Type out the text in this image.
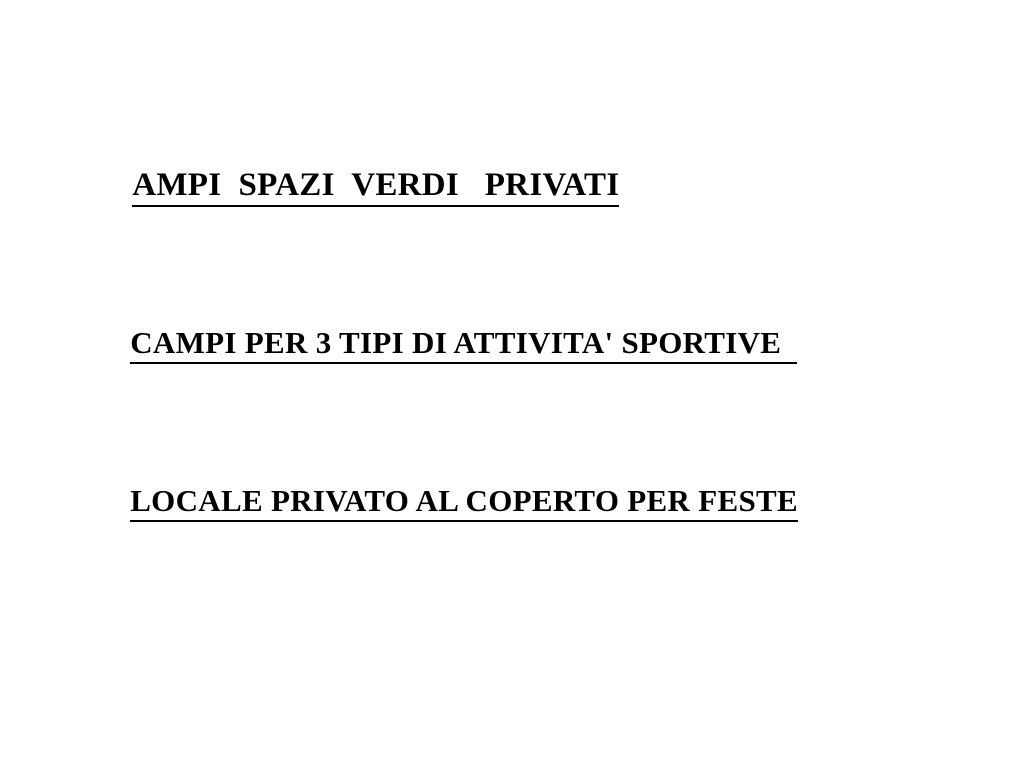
AMPI  SPAZI  VERDI   PRIVATI

CAMPI PER 3 TIPI DI ATTIVITA' SPORTIVE

LOCALE PRIVATO AL COPERTO PER FESTE
